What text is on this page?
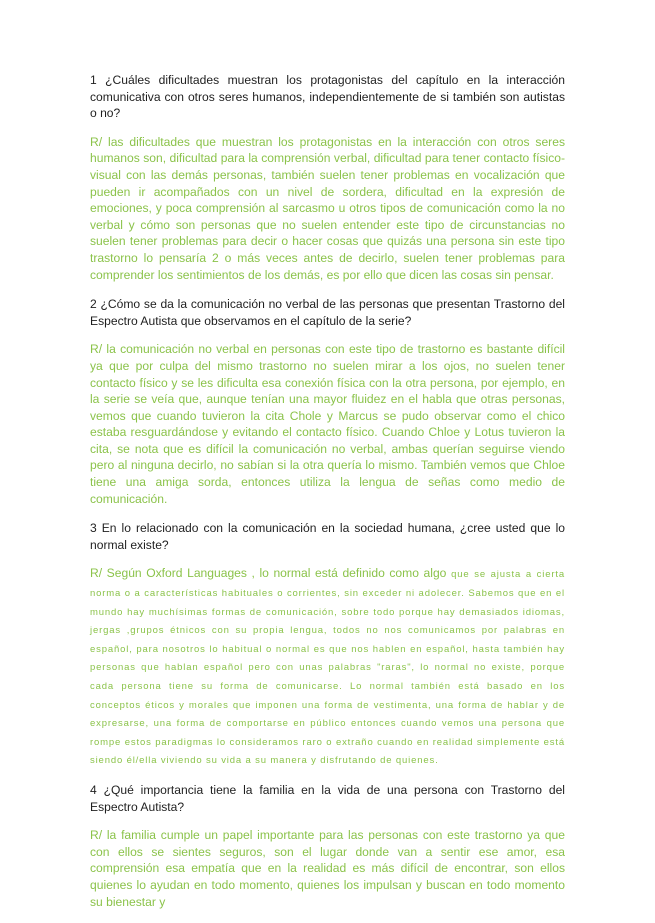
1 ¿Cuáles dificultades muestran los protagonistas del capítulo en la interacción comunicativa con otros seres humanos, independientemente de si también son autistas o no?

R/ las dificultades que muestran los protagonistas en la interacción con otros seres humanos son, dificultad para la comprensión verbal, dificultad para tener contacto físico-visual con las demás personas, también suelen tener problemas en vocalización que pueden ir acompañados con un nivel de sordera, dificultad en la expresión de emociones, y poca comprensión al sarcasmo u otros tipos de comunicación como la no verbal y cómo son personas que no suelen entender este tipo de circunstancias no suelen tener problemas para decir o hacer cosas que quizás una persona sin este tipo trastorno lo pensaría 2 o más veces antes de decirlo, suelen tener problemas para comprender los sentimientos de los demás, es por ello que dicen las cosas sin pensar.

2 ¿Cómo se da la comunicación no verbal de las personas que presentan Trastorno del Espectro Autista que observamos en el capítulo de la serie?

R/ la comunicación no verbal en personas con este tipo de trastorno es bastante difícil ya que por culpa del mismo trastorno no suelen mirar a los ojos, no suelen tener contacto físico y se les dificulta esa conexión física con la otra persona, por ejemplo, en la serie se veía que, aunque tenían una mayor fluidez en el habla que otras personas, vemos que cuando tuvieron la cita Chole y Marcus se pudo observar como el chico estaba resguardándose y evitando el contacto físico. Cuando Chloe y Lotus tuvieron la cita, se nota que es difícil la comunicación no verbal, ambas querían seguirse viendo pero al ninguna decirlo, no sabían si la otra quería lo mismo. También vemos que Chloe tiene una amiga sorda, entonces utiliza la lengua de señas como medio de comunicación.

3 En lo relacionado con la comunicación en la sociedad humana, ¿cree usted que lo normal existe?

R/ Según Oxford Languages , lo normal está definido como algo que se ajusta a cierta norma o a características habituales o corrientes, sin exceder ni adolecer. Sabemos que en el mundo hay muchísimas formas de comunicación, sobre todo porque hay demasiados idiomas, jergas ,grupos étnicos con su propia lengua, todos no nos comunicamos por palabras en español, para nosotros lo habitual o normal es que nos hablen en español, hasta también hay personas que hablan español pero con unas palabras "raras", lo normal no existe, porque cada persona tiene su forma de comunicarse. Lo normal también está basado en los conceptos éticos y morales que imponen una forma de vestimenta, una forma de hablar y de expresarse, una forma de comportarse en público entonces cuando vemos una persona que rompe estos paradigmas lo consideramos raro o extraño cuando en realidad simplemente está siendo él/ella viviendo su vida a su manera y disfrutando de quienes.

4 ¿Qué importancia tiene la familia en la vida de una persona con Trastorno del Espectro Autista?

R/ la familia cumple un papel importante para las personas con este trastorno ya que con ellos se sientes seguros, son el lugar donde van a sentir ese amor, esa comprensión esa empatía que en la realidad es más difícil de encontrar, son ellos quienes lo ayudan en todo momento, quienes los impulsan y buscan en todo momento su bienestar y
